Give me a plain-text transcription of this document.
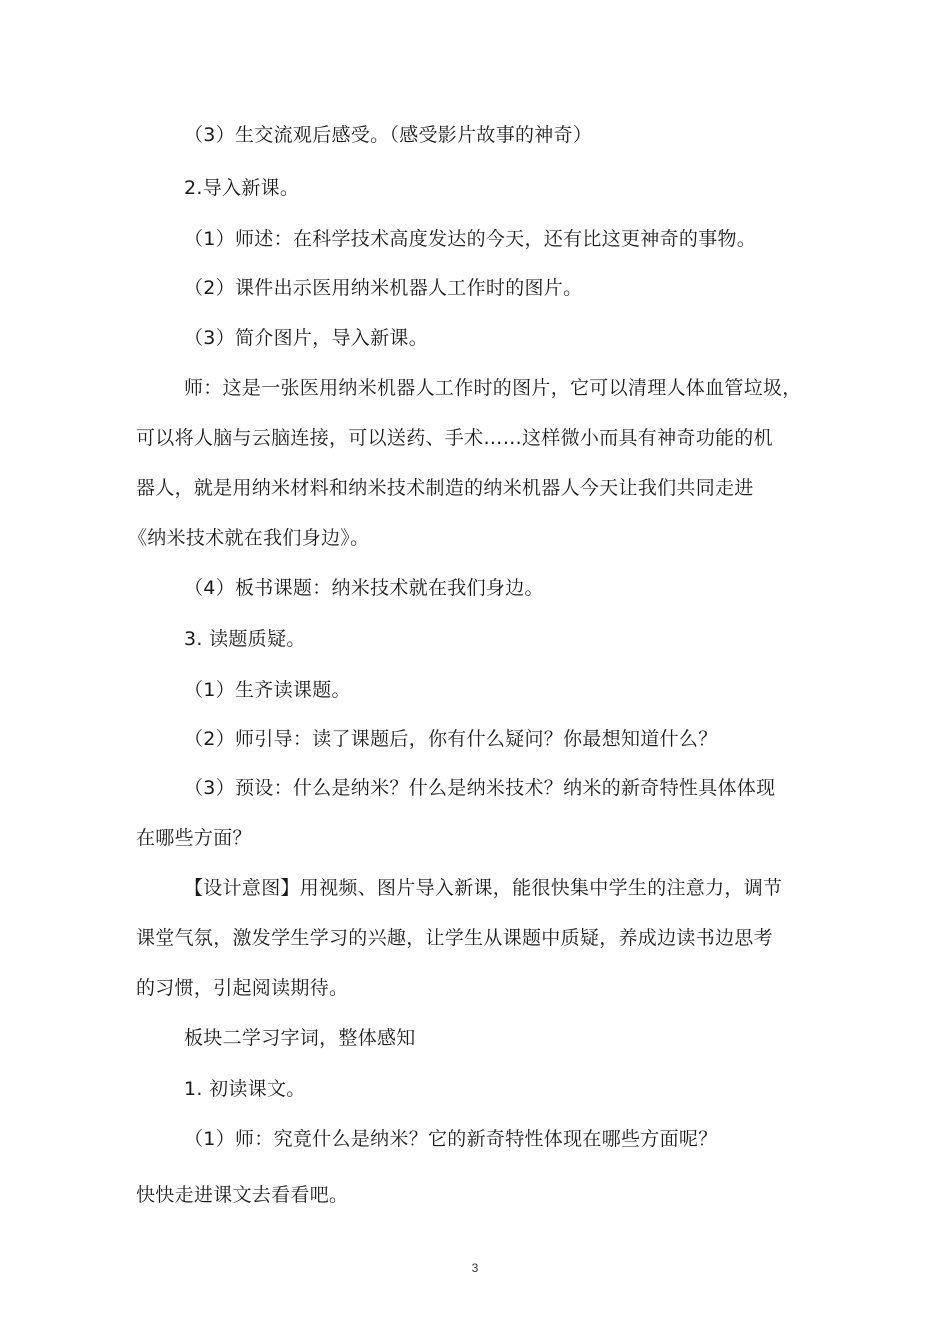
（3）生交流观后感受。（感受影片故事的神奇）
2.导入新课。
（1）师述：在科学技术高度发达的今天，还有比这更神奇的事物。
（2）课件出示医用纳米机器人工作时的图片。
（3）简介图片，导入新课。
师：这是一张医用纳米机器人工作时的图片，它可以清理人体血管垃圾，
可以将人脑与云脑连接，可以送药、手术……这样微小而具有神奇功能的机
器人，就是用纳米材料和纳米技术制造的纳米机器人今天让我们共同走进
《纳米技术就在我们身边》。
（4）板书课题：纳米技术就在我们身边。
3. 读题质疑。
（1）生齐读课题。
（2）师引导：读了课题后，你有什么疑问？你最想知道什么？
（3）预设：什么是纳米？什么是纳米技术？纳米的新奇特性具体体现
在哪些方面？
【设计意图】用视频、图片导入新课，能很快集中学生的注意力，调节
课堂气氛，激发学生学习的兴趣，让学生从课题中质疑，养成边读书边思考
的习惯，引起阅读期待。
板块二学习字词，整体感知
1. 初读课文。
（1）师：究竟什么是纳米？它的新奇特性体现在哪些方面呢？
快快走进课文去看看吧。
3
